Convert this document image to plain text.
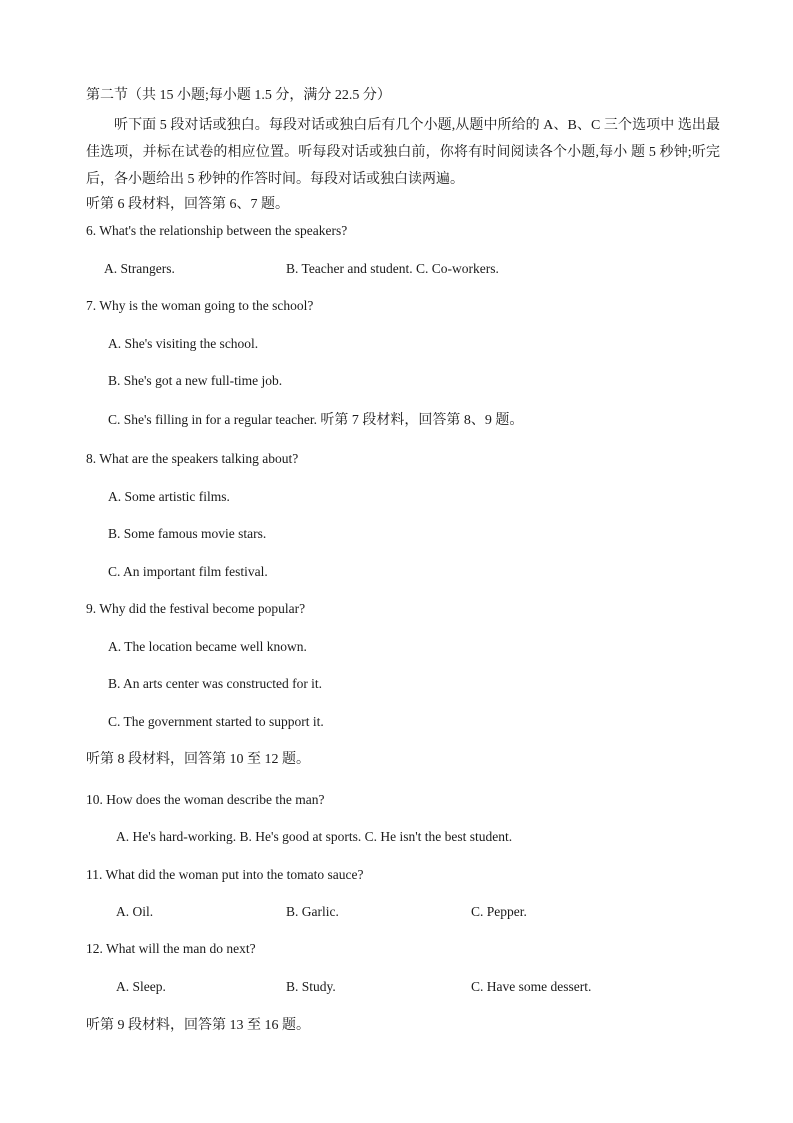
第二节（共 15 小题;每小题 1.5 分，满分 22.5 分）
听下面 5 段对话或独白。每段对话或独白后有几个小题,从题中所给的 A、B、C 三个选项中 选出最佳选项，并标在试卷的相应位置。听每段对话或独白前，你将有时间阅读各个小题,每小 题 5 秒钟;听完后，各小题给出 5 秒钟的作答时间。每段对话或独白读两遍。
听第 6 段材料，回答第 6、7 题。
6. What's the relationship between the speakers?
A. Strangers.	B. Teacher and student. C. Co-workers.
7. Why is the woman going to the school?
A. She's visiting the school.
B. She's got a new full-time job.
C. She's filling in for a regular teacher. 听第 7 段材料，回答第 8、9 题。
8. What are the speakers talking about?
A. Some artistic films.
B. Some famous movie stars.
C. An important film festival.
9. Why did the festival become popular?
A. The location became well known.
B. An arts center was constructed for it.
C. The government started to support it.
听第 8 段材料，回答第 10 至 12 题。
10. How does the woman describe the man?
A. He's hard-working. B. He's good at sports. C. He isn't the best student.
11. What did the woman put into the tomato sauce?
A. Oil.	B. Garlic.	C. Pepper.
12. What will the man do next?
A. Sleep.	B. Study.	C. Have some dessert.
听第 9 段材料，回答第 13 至 16 题。
